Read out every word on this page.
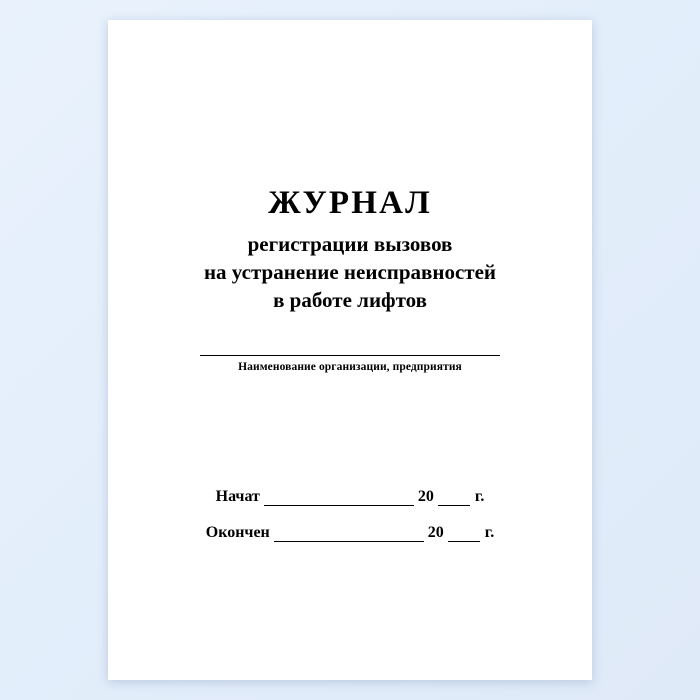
ЖУРНАЛ
регистрации вызовов
на устранение неисправностей
в работе лифтов
Наименование организации, предприятия
Начат	20	г.
Окончен	20	г.
